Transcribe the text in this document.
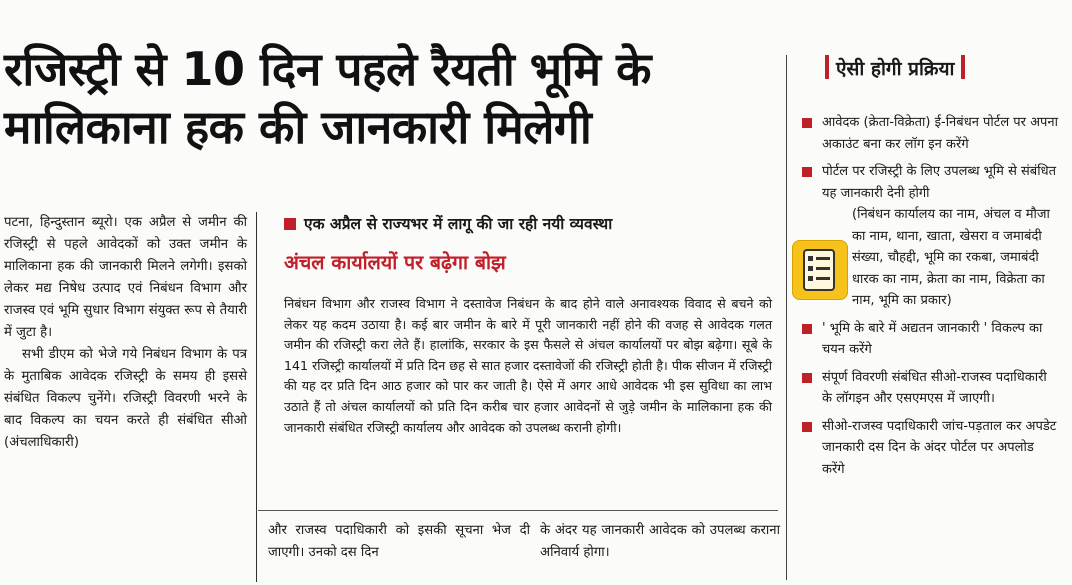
रजिस्ट्री से 10 दिन पहले रैयती भूमि के
मालिकाना हक की जानकारी मिलेगी

पटना, हिन्दुस्तान ब्यूरो। एक अप्रैल से जमीन की रजिस्ट्री से पहले आवेदकों को उक्त जमीन के मालिकाना हक की जानकारी मिलने लगेगी। इसको लेकर मद्य निषेध उत्पाद एवं निबंधन विभाग और राजस्व एवं भूमि सुधार विभाग संयुक्त रूप से तैयारी में जुटा है।

सभी डीएम को भेजे गये निबंधन विभाग के पत्र के मुताबिक आवेदक रजिस्ट्री के समय ही इससे संबंधित विकल्प चुनेंगे। रजिस्ट्री विवरणी भरने के बाद विकल्प का चयन करते ही संबंधित सीओ (अंचलाधिकारी)

एक अप्रैल से राज्यभर में लागू की जा रही नयी व्यवस्था
अंचल कार्यालयों पर बढ़ेगा बोझ

निबंधन विभाग और राजस्व विभाग ने दस्तावेज निबंधन के बाद होने वाले अनावश्यक विवाद से बचने को लेकर यह कदम उठाया है। कई बार जमीन के बारे में पूरी जानकारी नहीं होने की वजह से आवेदक गलत जमीन की रजिस्ट्री करा लेते हैं। हालांकि, सरकार के इस फैसले से अंचल कार्यालयों पर बोझ बढ़ेगा। सूबे के 141 रजिस्ट्री कार्यालयों में प्रति दिन छह से सात हजार दस्तावेजों की रजिस्ट्री होती है। पीक सीजन में रजिस्ट्री की यह दर प्रति दिन आठ हजार को पार कर जाती है। ऐसे में अगर आधे आवेदक भी इस सुविधा का लाभ उठाते हैं तो अंचल कार्यालयों को प्रति दिन करीब चार हजार आवेदनों से जुड़े जमीन के मालिकाना हक की जानकारी संबंधित रजिस्ट्री कार्यालय और आवेदक को उपलब्ध करानी होगी।

और राजस्व पदाधिकारी को इसकी सूचना भेज दी जाएगी। उनको दस दिन
के अंदर यह जानकारी आवेदक को उपलब्ध कराना अनिवार्य होगा।
ऐसी होगी प्रक्रिया
आवेदक (क्रेता-विक्रेता) ई-निबंधन पोर्टल पर अपना अकाउंट बना कर लॉग इन करेंगे
पोर्टल पर रजिस्ट्री के लिए उपलब्ध भूमि से संबंधित यह जानकारी देनी होगी
(निबंधन कार्यालय का नाम, अंचल व मौजा का नाम, थाना, खाता, खेसरा व जमाबंदी संख्या, चौहद्दी, भूमि का रकबा, जमाबंदी धारक का नाम, क्रेता का नाम, विक्रेता का नाम, भूमि का प्रकार)
' भूमि के बारे में अद्यतन जानकारी ' विकल्प का चयन करेंगे
संपूर्ण विवरणी संबंधित सीओ-राजस्व पदाधिकारी के लॉगइन और एसएमएस में जाएगी।
सीओ-राजस्व पदाधिकारी जांच-पड़ताल कर अपडेट जानकारी दस दिन के अंदर पोर्टल पर अपलोड करेंगे
